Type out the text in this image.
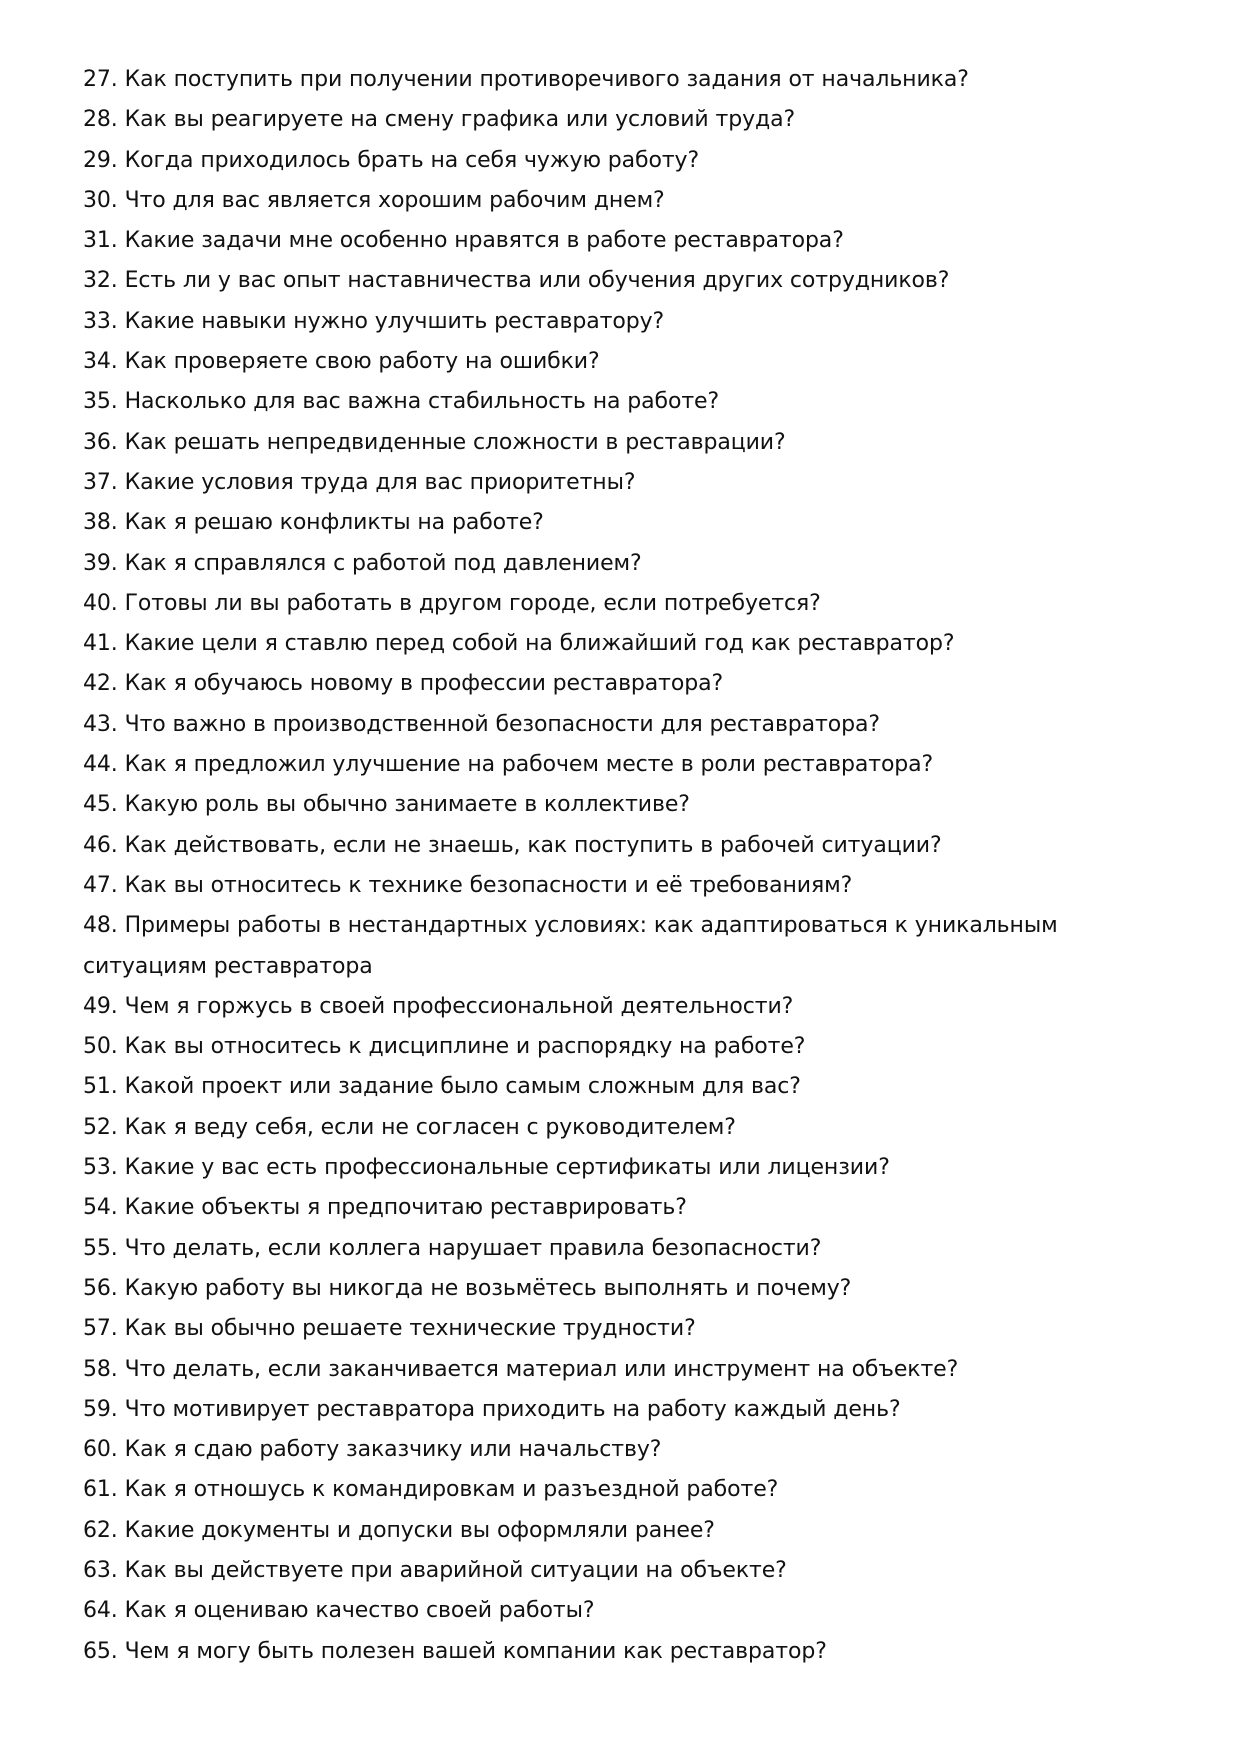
27. Как поступить при получении противоречивого задания от начальника?
28. Как вы реагируете на смену графика или условий труда?
29. Когда приходилось брать на себя чужую работу?
30. Что для вас является хорошим рабочим днем?
31. Какие задачи мне особенно нравятся в работе реставратора?
32. Есть ли у вас опыт наставничества или обучения других сотрудников?
33. Какие навыки нужно улучшить реставратору?
34. Как проверяете свою работу на ошибки?
35. Насколько для вас важна стабильность на работе?
36. Как решать непредвиденные сложности в реставрации?
37. Какие условия труда для вас приоритетны?
38. Как я решаю конфликты на работе?
39. Как я справлялся с работой под давлением?
40. Готовы ли вы работать в другом городе, если потребуется?
41. Какие цели я ставлю перед собой на ближайший год как реставратор?
42. Как я обучаюсь новому в профессии реставратора?
43. Что важно в производственной безопасности для реставратора?
44. Как я предложил улучшение на рабочем месте в роли реставратора?
45. Какую роль вы обычно занимаете в коллективе?
46. Как действовать, если не знаешь, как поступить в рабочей ситуации?
47. Как вы относитесь к технике безопасности и её требованиям?
48. Примеры работы в нестандартных условиях: как адаптироваться к уникальным ситуациям реставратора
49. Чем я горжусь в своей профессиональной деятельности?
50. Как вы относитесь к дисциплине и распорядку на работе?
51. Какой проект или задание было самым сложным для вас?
52. Как я веду себя, если не согласен с руководителем?
53. Какие у вас есть профессиональные сертификаты или лицензии?
54. Какие объекты я предпочитаю реставрировать?
55. Что делать, если коллега нарушает правила безопасности?
56. Какую работу вы никогда не возьмётесь выполнять и почему?
57. Как вы обычно решаете технические трудности?
58. Что делать, если заканчивается материал или инструмент на объекте?
59. Что мотивирует реставратора приходить на работу каждый день?
60. Как я сдаю работу заказчику или начальству?
61. Как я отношусь к командировкам и разъездной работе?
62. Какие документы и допуски вы оформляли ранее?
63. Как вы действуете при аварийной ситуации на объекте?
64. Как я оцениваю качество своей работы?
65. Чем я могу быть полезен вашей компании как реставратор?
